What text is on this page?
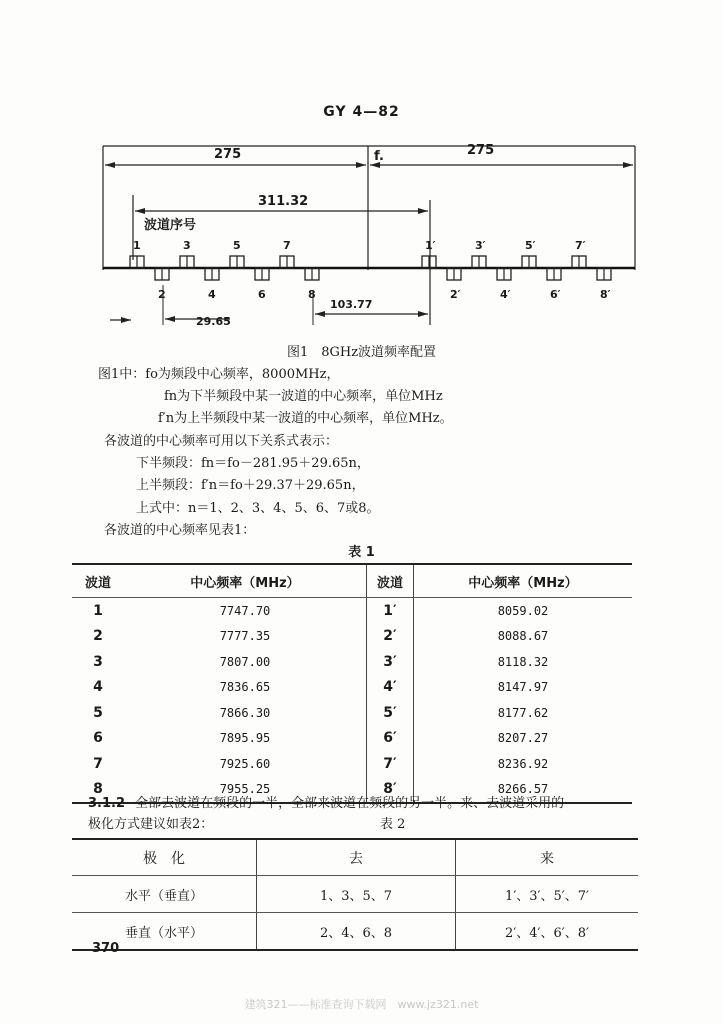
GY 4—82
275	275
f.
311.32
波道序号
1	3	5	7
2	4	6	8
1′	3′	5′	7′
2′	4′	6′	8′
29.65
103.77
图1　8GHz波道频率配置
图1中：fo为频段中心频率，8000MHz，
fn为下半频段中某一波道的中心频率，单位MHz
f′n为上半频段中某一波道的中心频率，单位MHz。
各波道的中心频率可用以下关系式表示：
下半频段：fn＝fo－281.95＋29.65n，
上半频段：f′n＝fo＋29.37＋29.65n，
上式中：n＝1、2、3、4、5、6、7或8。
各波道的中心频率见表1：
表 1
波道	中心频率（MHz）	波道	中心频率（MHz）
1	7747.70	1′	8059.02
2	7777.35	2′	8088.67
3	7807.00	3′	8118.32
4	7836.65	4′	8147.97
5	7866.30	5′	8177.62
6	7895.95	6′	8207.27
7	7925.60	7′	8236.92
8	7955.25	8′	8266.57
3.1.2 全部去波道在频段的一半，全部来波道在频段的另一半。来、去波道采用的
极化方式建议如表2：	表 2
极　化	去	来
水平（垂直）	1、3、5、7	1′、3′、5′、7′
垂直（水平）	2、4、6、8	2′、4′、6′、8′
370
建筑321——标准查询下载网　www.jz321.net
